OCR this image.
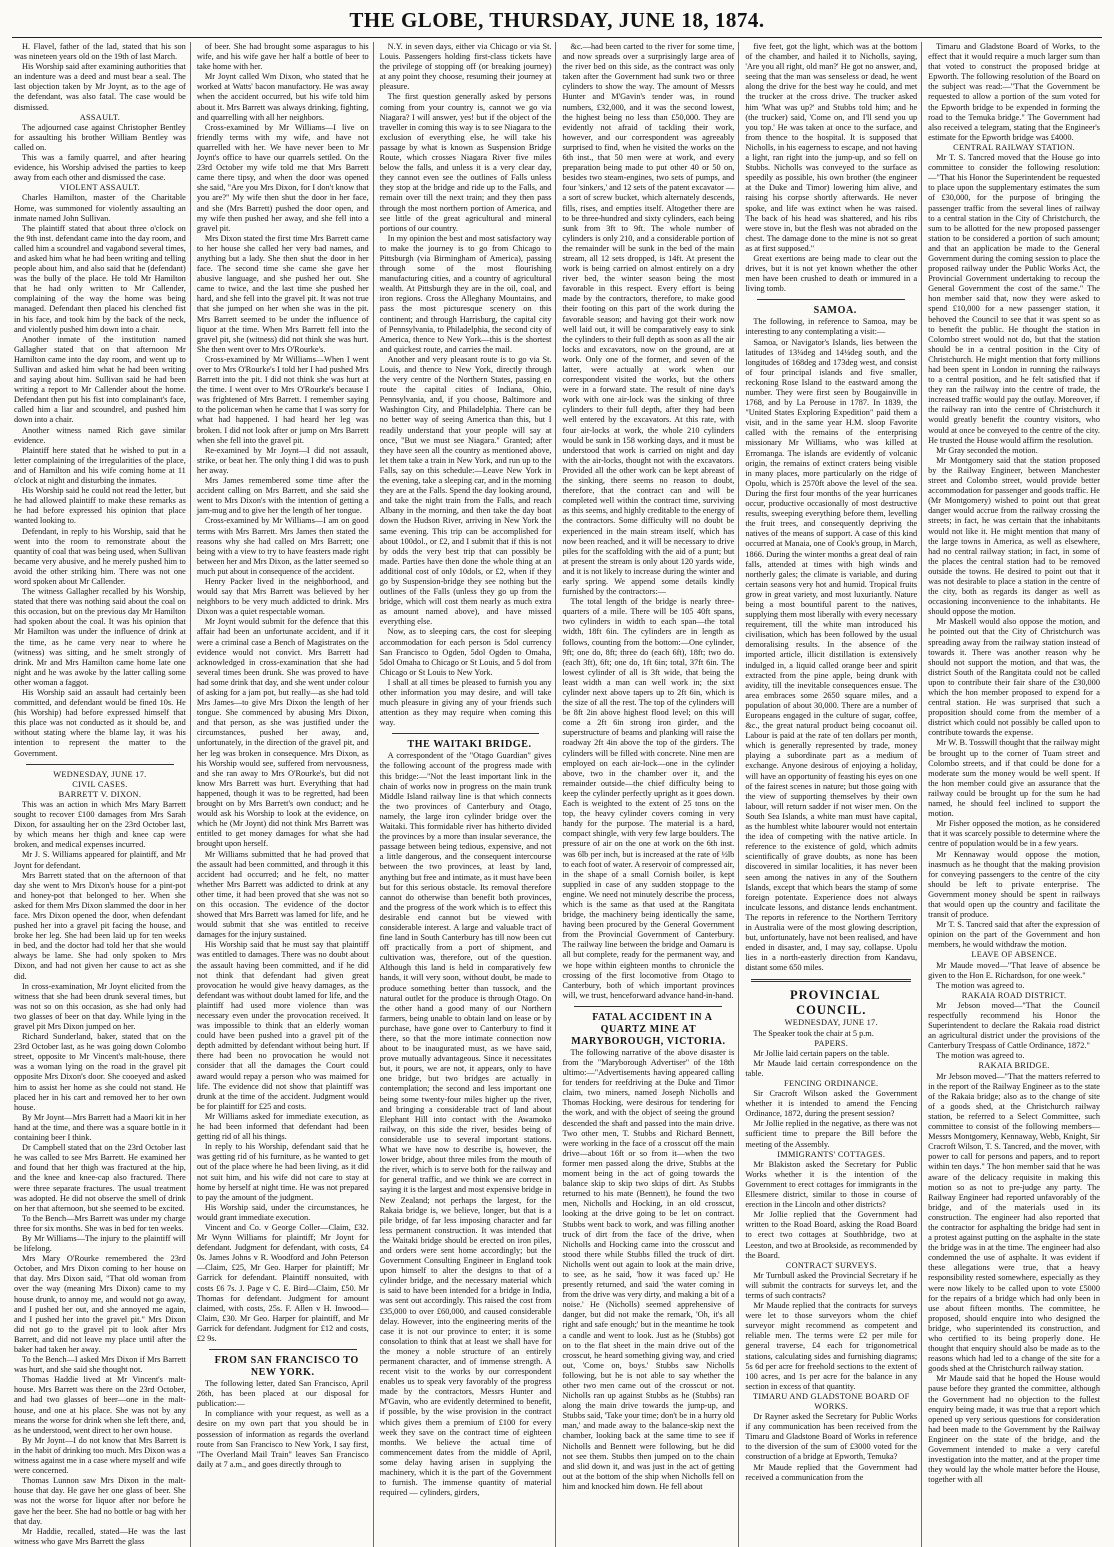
THE GLOBE, THURSDAY, JUNE 18, 1874.

H. Flavel, father of the lad, stated that his son was nineteen years old on the 19th of last March.

His Worship said after examining authorities that an indenture was a deed and must bear a seal. The last objection taken by Mr Joynt, as to the age of the defendant, was also fatal. The case would be dismissed.

ASSAULT.

The adjourned case against Christopher Bentley for assaulting his brother William Bentley was called on.

This was a family quarrel, and after hearing evidence, his Worship advised the parties to keep away from each other and dismissed the case.

VIOLENT ASSAULT.

Charles Hamilton, master of the Charitable Home, was summoned for violently assaulting an inmate named John Sullivan.

The plaintiff stated that about three o'clock on the 9th inst. defendant came into the day room, and called him a scoundrel and vagabond several times, and asked him what he had been writing and telling people about him, and also said that he (defendant) was the bully of the place. He told Mr Hamilton that he had only written to Mr Callender, complaining of the way the home was being managed. Defendant then placed his clenched fist in his face, and took him by the back of the neck, and violently pushed him down into a chair.

Another inmate of the institution named Gallagher stated that on that afternoon Mr Hamilton came into the day room, and went up to Sullivan and asked him what he had been writing and saying about him. Sullivan said he had been writing a report to Mr Callender about the home. Defendant then put his fist into complainant's face, called him a liar and scoundrel, and pushed him down into a chair.

Another witness named Rich gave similar evidence.

Plaintiff here stated that he wished to put in a letter complaining of the irregularities of the place, and of Hamilton and his wife coming home at 11 o'clock at night and disturbing the inmates.

His Worship said he could not read the letter, but he had allowed plaintiff to make these remarks as he had before expressed his opinion that place wanted looking to.

Defendant, in reply to his Worship, said that he went into the room to remonstrate about the quantity of coal that was being used, when Sullivan became very abusive, and he merely pushed him to avoid the other striking him. There was not one word spoken about Mr Callender.

The witness Gallagher recalled by his Worship, stated that there was nothing said about the coal on this occasion, but on the previous day Mr Hamilton had spoken about the coal. It was his opinion that Mr Hamilton was under the influence of drink at the time, as he came very near to where he (witness) was sitting, and he smelt strongly of drink. Mr and Mrs Hamilton came home late one night and he was awoke by the latter calling some other woman a faggot.

His Worship said an assault had certainly been committed, and defendant would be fined 10s. He (his Worship) had before expressed himself that this place was not conducted as it should be, and without stating where the blame lay, it was his intention to represent the matter to the Government.

WEDNESDAY, JUNE 17.

CIVIL CASES.

BARRETT V. DIXON.

This was an action in which Mrs Mary Barrett sought to recover £100 damages from Mrs Sarah Dixon, for assaulting her on the 23rd October last, by which means her thigh and knee cap were broken, and medical expenses incurred.

Mr J. S. Williams appeared for plaintiff, and Mr Joynt for defendant.

Mrs Barrett stated that on the afternoon of that day she went to Mrs Dixon's house for a pint-pot and honey-pot that belonged to her. When she asked for them Mrs Dixon slammed the door in her face. Mrs Dixon opened the door, when defendant pushed her into a gravel pit facing the house, and broke her leg. She had been laid up for ten weeks in bed, and the doctor had told her that she would always be lame. She had only spoken to Mrs Dixon, and had not given her cause to act as she did.

In cross-examination, Mr Joynt elicited from the witness that she had been drunk several times, but was not so on this occasion, as she had only had two glasses of beer on that day. While lying in the gravel pit Mrs Dixon jumped on her.

Richard Sunderland, baker, stated that on the 23rd October last, as he was going down Colombo street, opposite to Mr Vincent's malt-house, there was a woman lying on the road in the gravel pit opposite Mrs Dixon's door. She cooeyed and asked him to assist her home as she could not stand. He placed her in his cart and removed her to her own house.

By Mr Joynt—Mrs Barrett had a Maori kit in her hand at the time, and there was a square bottle in it containing beer I think.

Dr Campbell stated that on the 23rd October last he was called to see Mrs Barrett. He examined her and found that her thigh was fractured at the hip, and the knee and knee-cap also fractured. There were three separate fractures. The usual treatment was adopted. He did not observe the smell of drink on her that afternoon, but she seemed to be excited.

To the Bench—Mrs Barrett was under my charge three for six months. She was in bed for ten weeks.

By Mr Williams—The injury to the plaintiff will be lifelong.

Mrs Mary O'Rourke remembered the 23rd October, and Mrs Dixon coming to her house on that day. Mrs Dixon said, "That old woman from over the way (meaning Mrs Dixon) came to my house drunk, to annoy me, and would not go away, and I pushed her out, and she annoyed me again, and I pushed her into the gravel pit." Mrs Dixon did not go to the gravel pit to look after Mrs Barrett, and did not leave my place until after the baker had taken her away.

To the Bench—I asked Mrs Dixon if Mrs Barrett was hurt, and she said she thought not.

Thomas Haddie lived at Mr Vincent's malt-house. Mrs Barrett was there on the 23rd October, and had two glasses of beer—one in the malt-house, and one at his place. She was not by any means the worse for drink when she left there, and, as he understood, went direct to her own house.

By Mr Joynt—I do not know that Mrs Barrett is in the habit of drinking too much. Mrs Dixon was a witness against me in a case where myself and wife were concerned.

Thomas Lunnon saw Mrs Dixon in the malt-house that day. He gave her one glass of beer. She was not the worse for liquor after nor before he gave her the beer. She had no bottle or bag with her that day.

Mr Haddie, recalled, stated—He was the last witness who gave Mrs Barrett the glass

of beer. She had brought some asparagus to his wife, and his wife gave her half a bottle of beer to take home with her.

Mr Joynt called Wm Dixon, who stated that he worked at Watts' bacon manufactory. He was away when the accident occurred, but his wife told him about it. Mrs Barrett was always drinking, fighting, and quarrelling with all her neighbors.

Cross-examined by Mr Williams—I live on friendly terms with my wife, and have not quarrelled with her. We have never been to Mr Joynt's office to have our quarrels settled. On the 23rd October my wife told me that Mrs Barrett came there tipsy, and when the door was opened she said, "Are you Mrs Dixon, for I don't know that you are?" My wife then shut the door in her face, and she (Mrs Barrett) pushed the door open, and my wife then pushed her away, and she fell into a gravel pit.

Mrs Dixon stated the first time Mrs Barrett came to her house she called her very bad names, and anything but a lady. She then shut the door in her face. The second time she came she gave her abusive language, and she pushed her out. She came to twice, and the last time she pushed her hard, and she fell into the gravel pit. It was not true that she jumped on her when she was in the pit. Mrs Barrett seemed to be under the influence of liquor at the time. When Mrs Barrett fell into the gravel pit, she (witness) did not think she was hurt. She then went over to Mrs O'Rourke's.

Cross-examined by Mr Williams—When I went over to Mrs O'Rourke's I told her I had pushed Mrs Barrett into the pit. I did not think she was hurt at the time. I went over to Mrs O'Rourke's because I was frightened of Mrs Barrett. I remember saying to the policeman when he came that I was sorry for what had happened. I had heard her leg was broken. I did not look after or jump on Mrs Barrett when she fell into the gravel pit.

Re-examined by Mr Joynt—I did not assault, strike, or beat her. The only thing I did was to push her away.

Mrs James remembered some time after the accident calling on Mrs Barrett, and she said she went to Mrs Dixon's with the intention of getting a jam-mug and to give her the length of her tongue.

Cross-examined by Mr Williams—I am on good terms with Mrs Barrett. Mrs James then stated the reasons why she had called on Mrs Barrett; one being with a view to try to have feasters made right between her and Mrs Dixon, as the latter seemed so much put about in consequence of the accident.

Henry Packer lived in the neighborhood, and would say that Mrs Barrett was believed by her neighbors to be very much addicted to drink. Mrs Dixon was a quiet respectable woman.

Mr Joynt would submit for the defence that this affair had been an unfortunate accident, and if it were a criminal case a Bench of Magistrates on the evidence would not convict. Mrs Barrett had acknowledged in cross-examination that she had several times been drunk. She was proved to have had some drink that day, and she went under colour of asking for a jam pot, but really—as she had told Mrs James—to give Mrs Dixon the length of her tongue. She commenced by abusing Mrs Dixon, and that person, as she was justified under the circumstances, pushed her away, and, unfortunately, in the direction of the gravel pit, and her leg was broken in consequence. Mrs Dixon, as his Worship would see, suffered from nervousness, and she ran away to Mrs O'Rourke's, but did not know Mrs Barrett was hurt. Everything that had happened, though it was to be regretted, had been brought on by Mrs Barrett's own conduct; and he would ask his Worship to look at the evidence, on which he (Mr Joynt) did not think Mrs Barrett was entitled to get money damages for what she had brought upon herself.

Mr Williams submitted that he had proved that the assault had been committed, and through it this accident had occurred; and he felt, no matter whether Mrs Barrett was addicted to drink at any other time, it had been proved that she was not so on this occasion. The evidence of the doctor showed that Mrs Barrett was lamed for life, and he would submit that she was entitled to receive damages for the injury sustained.

His Worship said that he must say that plaintiff was entitled to damages. There was no doubt about the assault having been committed, and if he did not think that defendant had given great provocation he would give heavy damages, as the defendant was without doubt lamed for life, and the plaintiff had used more violence than was necessary even under the provocation received. It was impossible to think that an elderly woman could have been pushed into a gravel pit of the depth admitted by defendant without being hurt. If there had been no provocation he would not consider that all the damages the Court could award would repay a person who was maimed for life. The evidence did not show that plaintiff was drunk at the time of the accident. Judgment would be for plaintiff for £25 and costs.

Mr Williams asked for immediate execution, as he had been informed that defendant had been getting rid of all his things.

In reply to his Worship, defendant said that he was getting rid of his furniture, as he wanted to get out of the place where he had been living, as it did not suit him, and his wife did not care to stay at home by herself at night time. He was not prepared to pay the amount of the judgment.

His Worship said, under the circumstances, he would grant immediate execution.

Vincent and Co. v George Coller—Claim, £32. Mr Wynn Williams for plaintiff; Mr Joynt for defendant. Judgment for defendant, with costs, £4 0s. James Johns v R. Woodford and John Peterson—Claim, £25, Mr Geo. Harper for plaintiff; Mr Garrick for defendant. Plaintiff nonsuited, with costs £6 7s. J. Page v C. E. Bird—Claim, £50. Mr Thomas for defendant. Judgment for amount claimed, with costs, 25s. F. Allen v H. Inwood—Claim, £30. Mr Geo. Harper for plaintiff, and Mr Garrick for defendant. Judgment for £12 and costs, £2 9s.

FROM SAN FRANCISCO TO NEW YORK.

The following letter, dated San Francisco, April 26th, has been placed at our disposal for publication:—

In compliance with your request, as well as a desire on my own part that you should be in possession of information as regards the overland route from San Francisco to New York, I say first, "The Overland Mail Train" leaves San Francisco daily at 7 a.m., and goes directly through to

N.Y. in seven days, either via Chicago or via St. Louis. Passengers holding first-class tickets have the privilege of stopping off (or breaking journey) at any point they choose, resuming their journey at pleasure.

The first question generally asked by persons coming from your country is, cannot we go via Niagara? I will answer, yes! but if the object of the traveller in coming this way is to see Niagara to the exclusion of everything else, he will take his passage by what is known as Suspension Bridge Route, which crosses Niagara River five miles below the falls, and unless it is a very clear day, they cannot even see the outlines of Falls unless they stop at the bridge and ride up to the Falls, and remain over till the next train; and they then pass through the most northern portion of America, and see little of the great agricultural and mineral portions of our country.

In my opinion the best and most satisfactory way to make the journey is to go from Chicago to Pittsburgh (via Birmingham of America), passing through some of the most flourishing manufacturing cities, and a country of agricultural wealth. At Pittsburgh they are in the oil, coal, and iron regions. Cross the Alleghany Mountains, and pass the most picturesque scenery on this continent; and through Harrisburg, the capital city of Pennsylvania, to Philadelphia, the second city of America, thence to New York—this is the shortest and quickest route, and carries the mail.

Another and very pleasant route is to go via St. Louis, and thence to New York, directly through the very centre of the Northern States, passing en route the capital cities of Indiana, Ohio, Pennsylvania, and, if you choose, Baltimore and Washington City, and Philadelphia. There can be no better way of seeing America than this, but I readily understand that your people will say at once, "But we must see Niagara." Granted; after they have seen all the country as mentioned above, let them take a train in New York, and run up to the Falls, say on this schedule:—Leave New York in the evening, take a sleeping car, and in the morning they are at the Falls. Spend the day looking around, and take the night train from the Falls, and reach Albany in the morning, and then take the day boat down the Hudson River, arriving in New York the same evening. This trip can be accomplished for about 100dol., or £2, and I submit that if this is not by odds the very best trip that can possibly be made. Parties have then done the whole thing at an additional cost of only 10dols, or £2, when if they go by Suspension-bridge they see nothing but the outlines of the Falls (unless they go up from the bridge, which will cost them nearly as much extra as amount named above), and have missed everything else.

Now, as to sleeping cars, the cost for sleeping accommodation for each person is 5dol currency San Francisco to Ogden, 5dol Ogden to Omaha, 5dol Omaha to Chicago or St Louis, and 5 dol from Chicago or St Louis to New York.

I shall at all times be pleased to furnish you any other information you may desire, and will take much pleasure in giving any of your friends such attention as they may require when coming this way.

THE WAITAKI BRIDGE.

A correspondent of the "Otago Guardian" gives the following account of the progress made with this bridge:—"Not the least important link in the chain of works now in progress on the main trunk Middle Island railway line is that which connects the two provinces of Canterbury and Otago, namely, the large iron cylinder bridge over the Waitaki. This formidable river has hitherto divided the provinces by a more than insular severance, the passage between being tedious, expensive, and not a little dangerous, and the consequent intercourse between the two provinces, at least by land, anything but free and intimate, as it must have been but for this serious obstacle. Its removal therefore cannot do otherwise than benefit both provinces, and the progress of the work which is to effect this desirable end cannot but be viewed with considerable interest. A large and valuable tract of fine land in South Canterbury has till now been cut off practically from a port of shipment, and cultivation was, therefore, out of the question. Although this land is held in comparatively few hands, it will very soon, without doubt, be made to produce something better than tussock, and the natural outlet for the produce is through Otago. On the other hand a good many of our Northern farmers, being unable to obtain land on lease or by purchase, have gone over to Canterbury to find it there, so that the more intimate connection now about to be inaugurated must, as we have said, prove mutually advantageous. Since it necessitates but, it pours, we are not, it appears, only to have one bridge, but two bridges are actually in contemplation; the second and less important one being some twenty-four miles higher up the river, and bringing a considerable tract of land about Elephant Hill into contact with the Awamoko railway, on this side the river, besides being of considerable use to several important stations. What we have now to describe is, however, the lower bridge, about three miles from the mouth of the river, which is to serve both for the railway and for general traffic, and we think we are correct in saying it is the largest and most expensive bridge in New Zealand; not perhaps the largest, for the Rakaia bridge is, we believe, longer, but that is a pile bridge, of far less imposing character and far less permanent construction. It was intended that the Waitaki bridge should be erected on iron piles, and orders were sent home accordingly; but the Government Consulting Engineer in England took upon himself to alter the designs to that of a cylinder bridge, and the necessary material which is said to have been intended for a bridge in India, was sent out accordingly. This raised the cost from £35,000 to over £60,000, and caused considerable delay. However, into the engineering merits of the case it is not our province to enter; it is some consolation to think that at least we shall have for the money a noble structure of an entirely permanent character, and of immense strength. A recent visit to the works by our correspondent enables us to speak very favorably of the progress made by the contractors, Messrs Hunter and M'Gavin, who are evidently determined to benefit, if possible, by the wise provision in the contract which gives them a premium of £100 for every week they save on the contract time of eighteen months. We believe the actual time of commencement dates from the middle of April, some delay having arisen in supplying the machinery, which it is the part of the Government to furnish. The immense quantity of material required — cylinders, girders,

&c.—had been carted to the river for some time, and now spreads over a surprisingly large area of the river bed on this side, as the contract was only taken after the Government had sunk two or three cylinders to show the way. The amount of Messrs Hunter and M'Gavin's tender was, in round numbers, £32,000, and it was the second lowest, the highest being no less than £50,000. They are evidently not afraid of tackling their work, however, and our correspondent was agreeably surprised to find, when he visited the works on the 6th inst., that 50 men were at work, and every preparation being made to put other 40 or 50 on, besides two steam-engines, two sets of pumps, and four 'sinkers,' and 12 sets of the patent excavator — a sort of screw bucket, which alternately descends, fills, rises, and empties itself. Altogether there are to be three-hundred and sixty cylinders, each being sunk from 3ft to 9ft. The whole number of cylinders is only 210, and a considerable portion of the remainder will be sunk in the bed of the main stream, all 12 sets dropped, is 14ft. At present the work is being carried on almost entirely on a dry river bed, the winter season being the most favorable in this respect. Every effort is being made by the contractors, therefore, to make good their footing on this part of the work during the favorable season; and having got their work now well laid out, it will be comparatively easy to sink the cylinders to their full depth as soon as all the air locks and excavators, now on the ground, are at work. Only one of the former, and seven of the latter, were actually at work when our correspondent visited the works, but the others were in a forward state. The result of nine day's work with one air-lock was the sinking of three cylinders to their full depth, after they had been well entered by the excavators. At this rate, with four air-locks at work, the whole 210 cylinders would be sunk in 158 working days, and it must be understood that work is carried on night and day with the air-locks, thought not with the excavators. Provided all the other work can be kept abreast of the sinking, there seems no reason to doubt, therefore, that the contract can and will be completed well within the contract time, surviving as this seems, and highly creditable to the energy of the contractors. Some difficulty will no doubt be experienced in the main stream itself, which has now been reached, and it will be necessary to drive piles for the scaffolding with the aid of a punt; but at present the stream is only about 120 yards wide, and it is not likely to increase during the winter and early spring. We append some details kindly furnished by the contractors:—

The total length of the bridge is nearly three-quarters of a mile. There will be 105 40ft spans, two cylinders in width to each span—the total width, 18ft 6in. The cylinders are in length as follows, counting from the bottom:—One cylinder, 9ft; one do, 8ft; three do (each 6ft), 18ft; two do. (each 3ft), 6ft; one do, 1ft 6in; total, 37ft 6in. The lowest cylinder of all is 3ft wide, that being the least width a man can well work in; the sixt cylinder next above tapers up to 2ft 6in, which is the size of all the rest. The top of the cylinders will be 8ft 2in above highest flood level; on this will come a 2ft 6in strong iron girder, and the superstructure of beams and planking will raise the roadway 2ft 4in above the top of the girders. The cylinders will be filled with concrete. Nine men are employed on each air-lock—one in the cylinder above, two in the chamber over it, and the remainder outside—the chief difficulty being to keep the cylinder perfectly upright as it goes down. Each is weighted to the extent of 25 tons on the top, the heavy cylinder covers coming in very handy for the purpose. The material is a hard, compact shingle, with very few large boulders. The pressure of air on the one at work on the 6th inst. was 6lb per inch, but is increased at the rate of ½lb to each foot of water. A reservoir of compressed air, in the shape of a small Cornish boiler, is kept supplied in case of any sudden stoppage to the engine. We need not minutely describe the process, which is the same as that used at the Rangitata bridge, the machinery being identically the same, having been procured by the General Government from the Provincial Government of Canterbury. The railway line between the bridge and Oamaru is all but complete, ready for the permanent way, and we hope within eighteen months to chronicle the crossing of the first locomotive from Otago to Canterbury, both of which important provinces will, we trust, henceforward advance hand-in-hand.

FATAL ACCIDENT IN A QUARTZ MINE AT MARYBOROUGH, VICTORIA.

The following narrative of the above disaster is from the "Maryborough Advertiser" of the 18th ultimo:—"Advertisements having appeared calling for tenders for reefdriving at the Duke and Timor claim, two miners, named Joseph Nicholls and Thomas Hocking, were desirous for tendering for the work, and with the object of seeing the ground descended the shaft and passed into the main drive. Two other men, T. Stubbs and Richard Bennett, were working in the face of a crosscut off the main drive—about 16ft or so from it—when the two former men passed along the drive, Stubbs at the moment being in the act of going towards the balance skip to skip two skips of dirt. As Stubbs returned to his mate (Bennett), he found the two men, Nicholls and Hocking, in an old crosscut, looking at the drive going to be let on contract. Stubbs went back to work, and was filling another truck of dirt from the face of the drive, when Nicholls and Hocking came into the crosscut and stood there while Stubbs filled the truck of dirt. Nicholls went out again to look at the main drive, to see, as he said, 'how it was faced up.' He presently returned, and said 'the water coming in from the drive was very dirty, and making a bit of a noise.' He (Nicholls) seemed apprehensive of danger, but did not make the remark, 'Oh, it's all right and safe enough;' but in the meantime he took a candle and went to look. Just as he (Stubbs) got on to the flat sheet in the main drive out of the crosscut, he heard something giving way, and cried out, 'Come on, boys.' Stubbs saw Nicholls following, but he is not able to say whether the other two men came out of the crosscut or not. Nicholls ran up against Stubbs as he (Stubbs) ran along the main drive towards the jump-up, and Stubbs said, 'Take your time; don't be in a hurry old man,' and made away to the balance-skip next the chamber, looking back at the same time to see if Nicholls and Bennett were following, but he did not see them. Stubbs then jumped on to the chain and slid down it, and was just in the act of getting out at the bottom of the ship when Nicholls fell on him and knocked him down. He fell about

five feet, got the light, which was at the bottom of the chamber, and hailed it to Nicholls, saying, 'Are you all right, old man?' He got no answer, and, seeing that the man was senseless or dead, he went along the drive for the best way he could, and met the trucker at the cross drive. The trucker asked him 'What was up?' and Stubbs told him; and he (the trucker) said, 'Come on, and I'll send you up you top.' He was taken at once to the surface, and from thence to the hospital. It is supposed that Nicholls, in his eagerness to escape, and not having a light, ran right into the jump-up, and so fell on Stubbs. Nicholls was conveyed to the surface as speedily as possible, his own brother (the engineer at the Duke and Timor) lowering him alive, and raising his corpse shortly afterwards. He never spoke, and life was extinct when he was raised. The back of his head was shattered, and his ribs were stove in, but the flesh was not abraded on the chest. The damage done to the mine is not so great as at first supposed."

Great exertions are being made to clear out the drives, but it is not yet known whether the other men have been crushed to death or immured in a living tomb.

SAMOA.

The following, in reference to Samoa, may be interesting to any contemplating a visit:—

Samoa, or Navigator's Islands, lies between the latitudes of 13¼deg and 14¼deg south, and the longitudes of 168deg and 173deg west, and consist of four principal islands and five smaller, reckoning Rose Island to the eastward among the number. They were first seen by Bougainville in 1768, and by La Perouse in 1787. In 1839, the "United States Exploring Expedition" paid them a visit, and in the same year H.M. sloop Favorite called with the remains of the enterprising missionary Mr Williams, who was killed at Erromanga. The islands are evidently of volcanic origin, the remains of extinct craters being visible in many places, more particularly on the ridge of Opolu, which is 2570ft above the level of the sea. During the first four months of the year hurricanes occur, productive occasionally of most destructive results, sweeping everything before them, levelling the fruit trees, and consequently depriving the natives of the means of support. A case of this kind occurred at Manaia, one of Cook's group, in March, 1866. During the winter months a great deal of rain falls, attended at times with high winds and northerly gales; the climate is variable, and during certain seasons very hot and humid. Tropical fruits grow in great variety, and most luxuriantly. Nature being a most bountiful parent to the natives, supplying them most liberally with every necessary requirement, till the white man introduced his civilisation, which has been followed by the usual demoralising results. In the absence of the imported article, illicit distillation is extensively indulged in, a liquid called orange beer and spirit extracted from the pine apple, being drunk with avidity, till the inevitable consequences ensue. The area embraces some 2650 square miles, and a population of about 30,000. There are a number of Europeans engaged in the culture of sugar, coffee, &c., the great natural product being cocoanut oil. Labour is paid at the rate of ten dollars per month, which is generally represented by trade, money playing a subordinate part as a medium of exchange. Anyone desirous of enjoying a holiday, will have an opportunity of feasting his eyes on one of the fairest scenes in nature; but those going with the view of supporting themselves by their own labour, will return sadder if not wiser men. On the South Sea Islands, a white man must have capital, as the humblest white labourer would not entertain the idea of competing with the native article. In reference to the existence of gold, which admits scientifically of grave doubts, as none has been discovered in similar localities, it has never been seen among the natives in any of the Southern Islands, except that which bears the stamp of some foreign potentate. Experience does not always inculcate lessons, and distance lends enchantment. The reports in reference to the Northern Territory in Australia were of the most glowing description, but, unfortunately, have not been realised, and have ended in disaster, and, I may say, collapse. Upolu lies in a north-easterly direction from Kandavu, distant some 650 miles.

PROVINCIAL COUNCIL.

WEDNESDAY, JUNE 17.

The Speaker took the chair at 5 p.m.

PAPERS.

Mr Jollie laid certain papers on the table.

Mr Maude laid certain correspondence on the table.

FENCING ORDINANCE.

Sir Cracroft Wilson asked the Government whether it is intended to amend the Fencing Ordinance, 1872, during the present session?

Mr Jollie replied in the negative, as there was not sufficient time to prepare the Bill before the meeting of the Assembly.

IMMIGRANTS' COTTAGES.

Mr Blakiston asked the Secretary for Public Works whether it is the intention of the Government to erect cottages for immigrants in the Ellesmere district, similar to those in course of erection in the Lincoln and other districts?

Mr Jollie replied that the Government had written to the Road Board, asking the Road Board to erect two cottages at Southbridge, two at Leeston, and two at Brookside, as recommended by the Board.

CONTRACT SURVEYS.

Mr Turnbull asked the Provincial Secretary if he will submit the contracts for surveys let, and the terms of such contracts?

Mr Maude replied that the contracts for surveys were let to those surveyors whom the chief surveyor might recommend as competent and reliable men. The terms were £2 per mile for general traverse, £4 each for trigonometrical stations, calculating sides and furnishing diagrams; 5s 6d per acre for freehold sections to the extent of 100 acres, and 1s per acre for the balance in any section in excess of that quantity.

TIMARU AND GLADSTONE BOARD OF WORKS.

Dr Rayner asked the Secretary for Public Works if any communication has been received from the Timaru and Gladstone Board of Works in reference to the diversion of the sum of £3000 voted for the construction of a bridge at Epworth, Temuka?

Mr Maude replied that the Government had received a communication from the

Timaru and Gladstone Board of Works, to the effect that it would require a much larger sum than that voted to construct the proposed bridge at Epworth. The following resolution of the Board on the subject was read:—"That the Government be requested to allow a portion of the sum voted for the Epworth bridge to be expended in forming the road to the Temuka bridge." The Government had also received a telegram, stating that the Engineer's estimate for the Epworth bridge was £4000.

CENTRAL RAILWAY STATION.

Mr T. S. Tancred moved that the House go into committee to consider the following resolution:—"That his Honor the Superintendent be requested to place upon the supplementary estimates the sum of £30,000, for the purpose of bringing the passenger traffic from the several lines of railway to a central station in the City of Christchurch, the sum to be allotted for the new proposed passenger station to be considered a portion of such amount; and that an application be made to the General Government during the coming session to place the proposed railway under the Public Works Act, the Provincial Government undertaking to recoup the General Government the cost of the same." The hon member said that, now they were asked to spend £10,000 for a new passenger station, it behoved the Council to see that it was spent so as to benefit the public. He thought the station in Colombo street would not do, but that the station should be in a central position in the City of Christchurch. He might mention that forty millions had been spent in London in running the railways to a central position, and he felt satisfied that if they ran the railway into the centre of trade, the increased traffic would pay the outlay. Moreover, if the railway ran into the centre of Christchurch it would greatly benefit the country visitors, who would at once be conveyed to the centre of the city. He trusted the House would affirm the resolution.

Mr Gray seconded the motion.

Mr Montgomery said that the station proposed by the Railway Engineer, between Manchester street and Colombo street, would provide better accommodation for passenger and goods traffic. He (Mr Montgomery) wished to point out that great danger would accrue from the railway crossing the streets; in fact, he was certain that the inhabitants would not like it. He might mention that many of the large towns in America, as well as elsewhere, had no central railway station; in fact, in some of the places the central station had to be removed outside the towns. He desired to point out that it was not desirable to place a station in the centre of the city, both as regards its danger as well as occasioning inconvenience to the inhabitants. He should oppose the motion.

Mr Maskell would also oppose the motion, and he pointed out that the City of Christchurch was spreading away from the railway station instead of towards it. There was another reason why he should not support the motion, and that was, the district South of the Rangitata could not be called upon to contribute their fair share of the £30,000 which the hon member proposed to expend for a central station. He was surprised that such a proposition should come from the member of a district which could not possibly be called upon to contribute towards the expense.

Mr W. B. Tosswill thought that the railway might be brought up to the corner of Tuam street and Colombo streets, and if that could be done for a moderate sum the money would be well spent. If the hon member could give an assurance that the railway could be brought up for the sum he had named, he should feel inclined to support the motion.

Mr Fisher opposed the motion, as he considered that it was scarcely possible to determine where the centre of population would be in a few years.

Mr Kennaway would oppose the motion, inasmuch as he thought that the making provision for conveying passengers to the centre of the city should be left to private enterprise. The Government money should be spent in railways that would open up the country and facilitate the transit of produce.

Mr T. S. Tancred said that after the expression of opinion on the part of the Government and hon members, he would withdraw the motion.

LEAVE OF ABSENCE.

Mr Maude moved—"That leave of absence be given to the Hon E. Richardson, for one week."

The motion was agreed to.

RAKAIA ROAD DISTRICT.

Mr Jebson moved—"That the Council respectfully recommend his Honor the Superintendent to declare the Rakaia road district an agricultural district under the provisions of the Canterbury Trespass of Cattle Ordinance, 1872."

The motion was agreed to.

RAKAIA BRIDGE.

Mr Jebson moved—"That the matters referred to in the report of the Railway Engineer as to the state of the Rakaia bridge; also as to the change of site of a goods shed, at the Christchurch railway station, be referred to a Select Committee, such committee to consist of the following members—Messrs Montgomery, Kennaway, Webb, Knight, Sir Cracroft Wilson, T. S. Tancred, and the mover, with power to call for persons and papers, and to report within ten days." The hon member said that he was aware of the delicacy requisite in making this motion so as not to pre-judge any party. The Railway Engineer had reported unfavorably of the bridge, and of the materials used in its construction. The engineer had also reported that the contractor for asphalting the bridge had sent in a protest against putting on the asphalte in the state the bridge was in at the time. The engineer had also condemned the use of asphalte. It was evident if these allegations were true, that a heavy responsibility rested somewhere, especially as they were now likely to be called upon to vote £5000 for the repairs of a bridge which had only been in use about fifteen months. The committee, he proposed, should enquire into who designed the bridge, who superintended its construction, and who certified to its being properly done. He thought that enquiry should also be made as to the reasons which had led to a change of the site for a goods shed at the Christchurch railway station.

Mr Maude said that he hoped the House would pause before they granted the committee, although the Government had no objection to the fullest enquiry being made, it was true that a report which opened up very serious questions for consideration had been made to the Government by the Railway Engineer on the state of the bridge, and the Government intended to make a very careful investigation into the matter, and at the proper time they would lay the whole matter before the House, together with all
